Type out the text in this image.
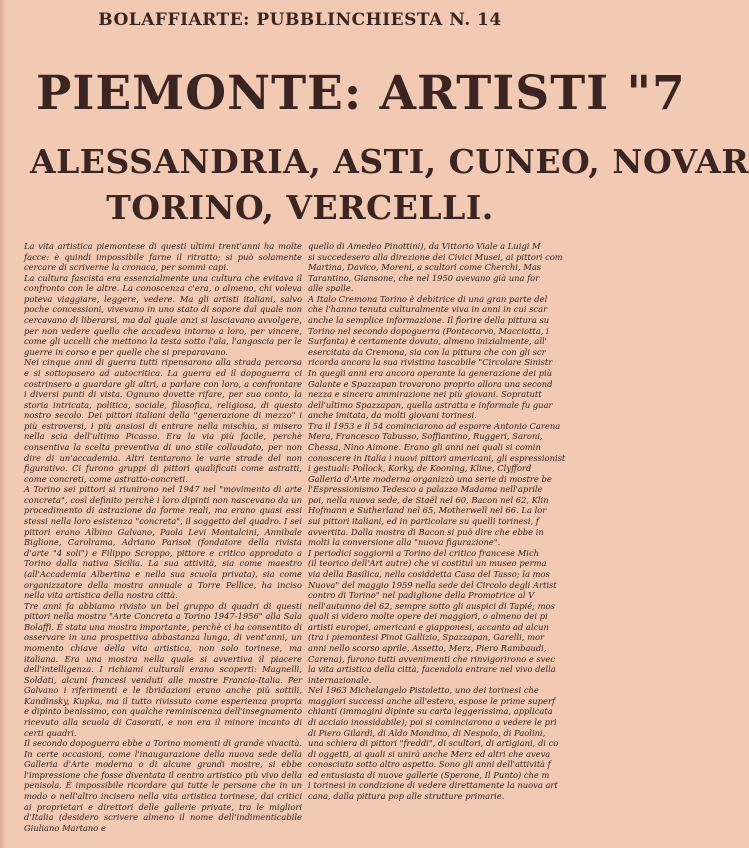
BOLAFFIARTE: PUBBLINCHIESTA N. 14
PIEMONTE: ARTISTI "7
ALESSANDRIA, ASTI, CUNEO, NOVAR
TORINO, VERCELLI.

La vita artistica piemontese di questi ultimi trent'anni ha molte facce: è quindi impossibile farne il ritratto; si può solamente cercare di scriverne la cronaca, per sommi capi.

La cultura fascista era essenzialmente una cultura che evitava il confronto con le altre. La conoscenza c'era, o almeno, chi voleva poteva viaggiare, leggere, vedere. Ma gli artisti italiani, salvo poche concessioni, vivevano in uno stato di sopore dal quale non cercavano di liberarsi, ma dal quale anzi si lasciavano avvolgere, per non vedere quello che accadeva intorno a loro, per vincere, come gli uccelli che mettono la testa sotto l'ala, l'angoscia per le guerre in corso e per quelle che si preparavano.

Nei cinque anni di guerra tutti ripensarono alla strada percorsa e si sottoposero ad autocritica. La guerra ed il dopoguerra ci costrinsero a guardare gli altri, a parlare con loro, a confrontare i diversi punti di vista. Ognuno dovette rifare, per suo conto, la storia intricata, politica, sociale, filosofica, religiosa, di questo nostro secolo. Dei pittori italiani della "generazione di mezzo" i più estroversi, i più ansiosi di entrare nella mischia, si misero nella scia dell'ultimo Picasso. Era la via più facile, perchè consentiva la scelta preventiva di uno stile collaudato, per non dire di un'accademia. Altri tentarono le varie strade del non figurativo. Ci furono gruppi di pittori qualificati come astratti, come concreti, come astratto-concreti.

A Torino sei pittori si riunirono nel 1947 nel "movimento di arte concreta", così definito perchè i loro dipinti non nascevano da un procedimento di astrazione da forme reali, ma erano quasi essi stessi nella loro esistenza "concreta", il soggetto del quadro. I sei pittori erano Albino Galvano, Paola Levi Montalcini, Annibale Biglione, Carolrama, Adriano Parisot (fondatore della rivista d'arte "4 soli") e Filippo Scroppo, pittore e critico approdato a Torino dalla nativa Sicilia. La sua attività, sia come maestro (all'Accademia Albertina e nella sua scuola privata), sia come organizzatore della mostra annuale a Torre Pellice, ha inciso nella vita artistica della nostra città.

Tre anni fa abbiamo rivisto un bel gruppo di quadri di questi pittori nella mostra "Arte Concreta a Torino 1947-1956" alla Sala Bolaffi. È stata una mostra importante, perchè ci ha consentito di osservare in una prospettiva abbastanza lunga, di vent'anni, un momento chiave della vita artistica, non solo torinese, ma italiana. Era una mostra nella quale si avvertiva il piacere dell'intelligenza. I richiami culturali erano scoperti: Magnelli, Soldati, alcuni francesi venduti alle mostre Francia-Italia. Per Galvano i riferimenti e le ibridazioni erano anche più sottili, Kandinsky, Kupka, ma il tutto rivissuto come esperienza propria e dipinto benissimo, con qualche reminiscenza dell'insegnamento ricevuto alla scuola di Casorati, e non era il minore incanto di certi quadri.

Il secondo dopoguerra ebbe a Torino momenti di grande vivacità. In certe occasioni, come l'inaugurazione della nuova sede della Galleria d'Arte moderna o di alcune grandi mostre, si ebbe l'impressione che fosse diventata il centro artistico più vivo della penisola. È impossibile ricordare qui tutte le persone che in un modo o nell'altro incisero nella vita artistica torinese, dai critici ai proprietari e direttori delle gallerie private, tra le migliori d'Italia (desidero scrivere almeno il nome dell'indimenticabile Giuliano Martano e

quello di Amedeo Pinottini), da Vittorio Viale a Luigi M

si succedesero alla direzione dei Civici Musei, ai pittori com

Martina, Davico, Moreni, a scultori come Cherchi, Mas

Tarantino, Giansone, che nel 1950 avevano già una for

alle spalle.

A Italo Cremona Torino è debitrice di una gran parte del

che l'hanno tenuta culturalmente viva in anni in cui scar

anche la semplice informazione. Il fiorire della pittura su

Torino nel secondo dopoguerra (Pontecorvo, Macciotta, i

Surfanta) è certamente dovuto, almeno inizialmente, all'

esercitata da Cremona, sia con la pittura che con gli scr

ricorda ancora la sua rivistina tascabile "Circolare Sinistr

In quegli anni era ancora operante la generazione dei più

Galante e Spazzapan trovarono proprio allora una second

nezza e sincera ammirazione nei più giovani. Sopratutt

dell'ultimo Spazzapan, quella astratta e informale fu guar

anche imitata, da molti giovani torinesi.

Tra il 1953 e il 54 cominciarono ad esporre Antonio Carena

Mera, Francesco Tabusso, Soffiantino, Ruggeri, Saroni,

Chessa, Nino Aimone. Erano gli anni nei quali si comin

conoscere in Italia i nuovi pittori americani, gli espressionist

i gestuali: Pollock, Korky, de Kooning, Kline, Clyfford

Galleria d'Arte moderna organizzò una serie di mostre be

l'Espressionismo Tedesco a palazzo Madama nell'aprile

poi, nella nuova sede, de Staël nel 60, Bacon nel 62, Klin

Hofmann e Sutherland nel 65, Motherwell nel 66. La lor

sui pittori italiani, ed in particolare su quelli torinesi, f

avvertita. Dalla mostra di Bacon si può dire che ebbe in

molti la conversione alla "nuova figurazione".

I periodici soggiorni a Torino del critico francese Mich

(il teorico dell'Art autre) che vi costituì un museo perma

via della Basilica, nella cosiddetta Casa del Tasso; la mos

Nuova" del maggio 1959 nella sede del Circolo degli Artist

contro di Torino" nel padiglione della Promotrice al V

nell'autunno del 62, sempre sotto gli auspici di Tapié; mos

quali si videro molte opere dei maggiori, o almeno dei pi

artisti europei, americani e giapponesi, accanto ad alcun

(tra i piemontesi Pinot Gallizio, Spazzapan, Garelli, mor

anni nello scorso aprile, Assetto, Merz, Piero Rambaudi,

Carena), furono tutti avvenimenti che rinvigorirono e svec

la vita artistica della città, facendola entrare nel vivo della

internazionale.

Nel 1963 Michelangelo Pistoletto, uno dei torinesi che

maggiori successi anche all'estero, espose le prime superf

chianti (immagini dipinte su carta leggerissima, applicata

di acciaio inossidabile); poi si cominciarono a vedere le pri

di Piero Gilardi, di Aldo Mondino, di Nespolo, di Paolini,

una schiera di pittori "freddi", di scultori, di artigiani, di co

di oggetti, ai quali si unirà anche Merz ed altri che aveva

conosciuto sotto altro aspetto. Sono gli anni dell'attività f

ed entusiasta di nuove gallerie (Sperone, Il Punto) che m

i torinesi in condizione di vedere direttamente la nuova art

cana, dalla pittura pop alle strutture primarie.
